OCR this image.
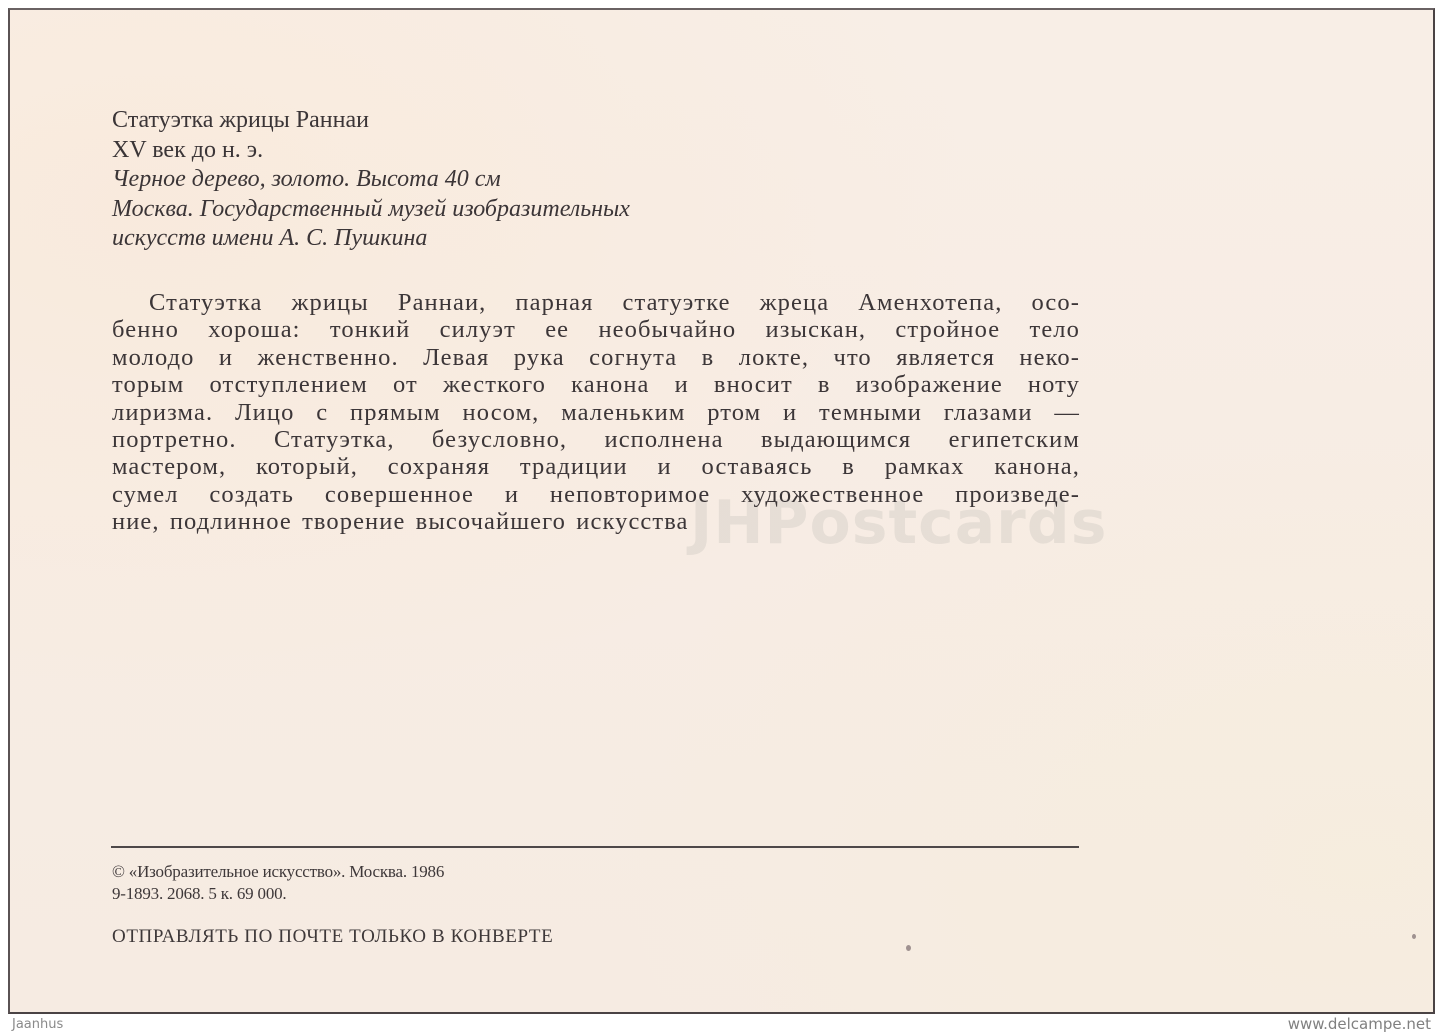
JHPostcards
Статуэтка жрицы Раннаи
XV век до н. э.
Черное дерево, золото. Высота 40 см
Москва. Государственный музей изобразительных
искусств имени А. С. Пушкина
Статуэтка жрицы Раннаи, парная статуэтке жреца Аменхотепа, осо-
бенно хороша: тонкий силуэт ее необычайно изыскан, стройное тело
молодо и женственно. Левая рука согнута в локте, что является неко-
торым отступлением от жесткого канона и вносит в изображение ноту
лиризма. Лицо с прямым носом, маленьким ртом и темными глазами —
портретно. Статуэтка, безусловно, исполнена выдающимся египетским
мастером, который, сохраняя традиции и оставаясь в рамках канона,
сумел создать совершенное и неповторимое художественное произведе-
ние, подлинное творение высочайшего искусства
© «Изобразительное искусство». Москва. 1986
9-1893. 2068. 5 к. 69 000.
ОТПРАВЛЯТЬ ПО ПОЧТЕ ТОЛЬКО В КОНВЕРТЕ
Jaanhus	www.delcampe.net
